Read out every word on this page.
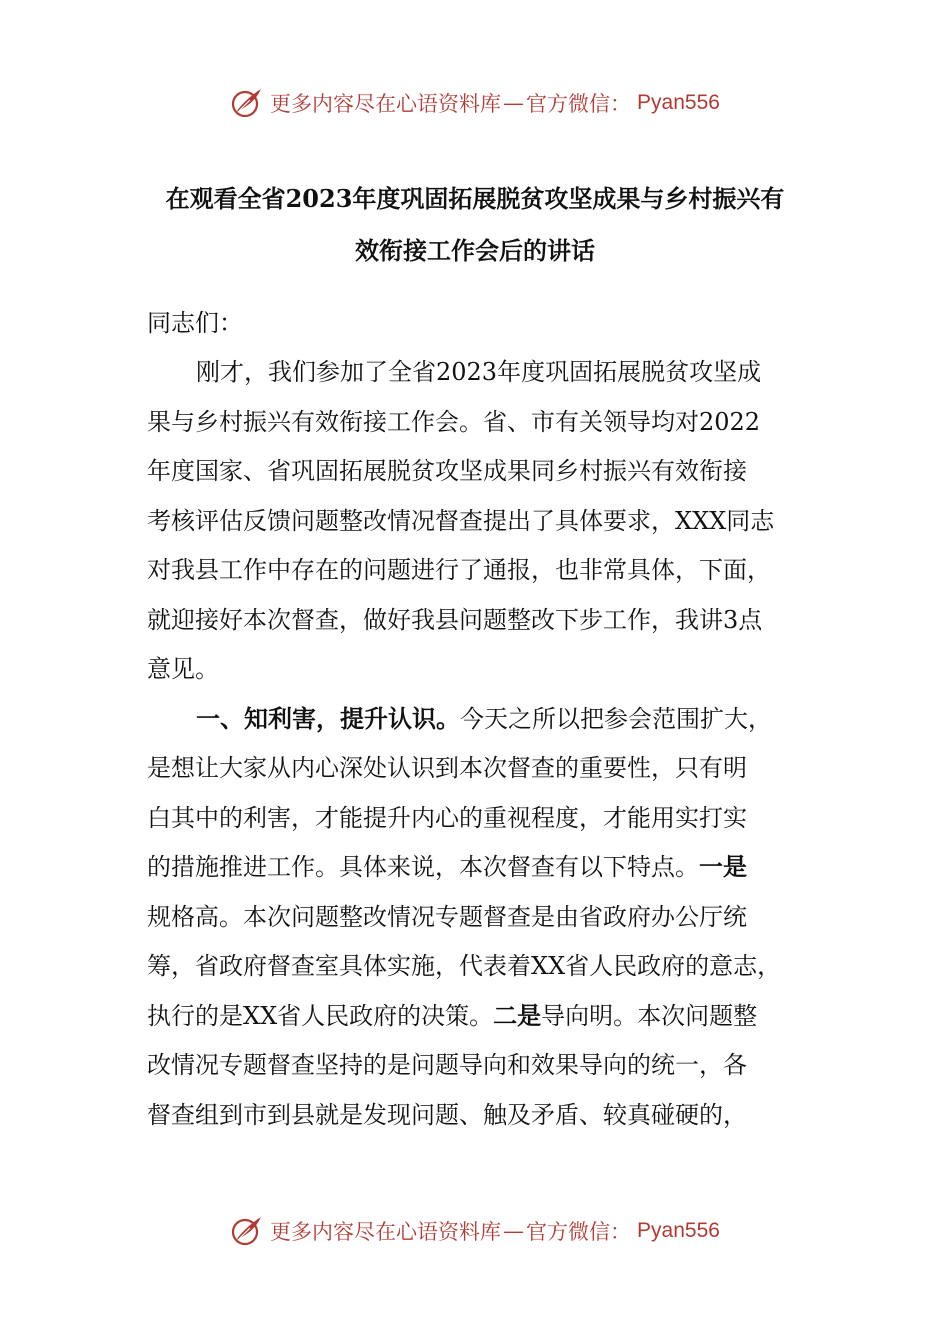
更多内容尽在心语资料库 — 官方微信： Pyan556
在观看全省2023年度巩固拓展脱贫攻坚成果与乡村振兴有
效衔接工作会后的讲话
同志们：
刚才，我们参加了全省2023年度巩固拓展脱贫攻坚成
果与乡村振兴有效衔接工作会。省、市有关领导均对2022
年度国家、省巩固拓展脱贫攻坚成果同乡村振兴有效衔接
考核评估反馈问题整改情况督查提出了具体要求，XXX同志
对我县工作中存在的问题进行了通报，也非常具体，下面，
就迎接好本次督查，做好我县问题整改下步工作，我讲3点
意见。
一、知利害，提升认识。今天之所以把参会范围扩大，
是想让大家从内心深处认识到本次督查的重要性，只有明
白其中的利害，才能提升内心的重视程度，才能用实打实
的措施推进工作。具体来说，本次督查有以下特点。一是
规格高。本次问题整改情况专题督查是由省政府办公厅统
筹，省政府督查室具体实施，代表着XX省人民政府的意志，
执行的是XX省人民政府的决策。二是导向明。本次问题整
改情况专题督查坚持的是问题导向和效果导向的统一，各
督查组到市到县就是发现问题、触及矛盾、较真碰硬的，
更多内容尽在心语资料库 — 官方微信： Pyan556
